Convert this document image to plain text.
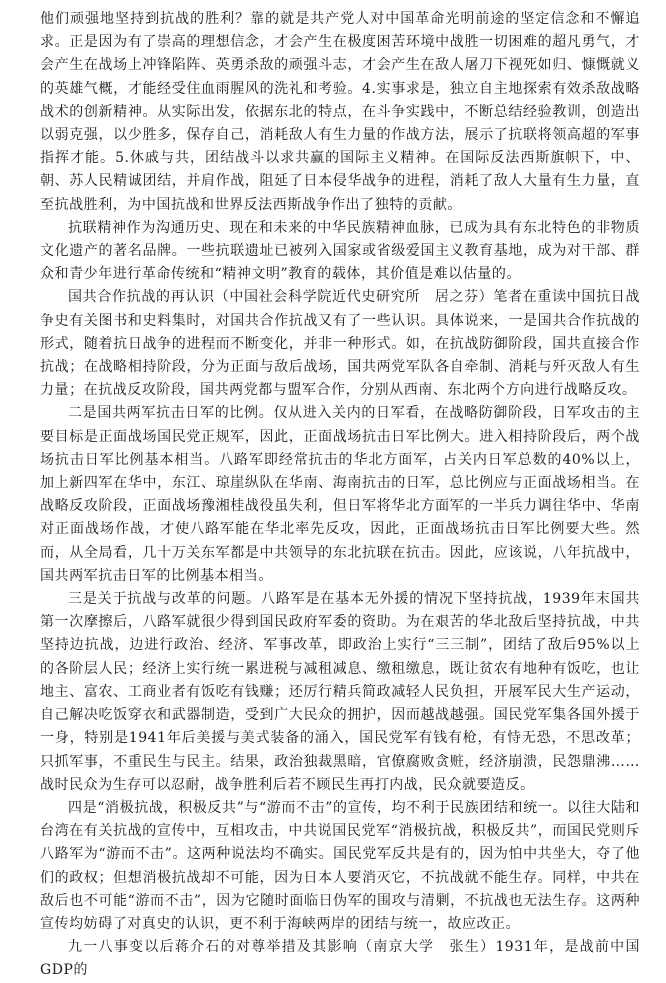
他们顽强地坚持到抗战的胜利？靠的就是共产党人对中国革命光明前途的坚定信念和不懈追求。正是因为有了崇高的理想信念，才会产生在极度困苦环境中战胜一切困难的超凡勇气，才会产生在战场上冲锋陷阵、英勇杀敌的顽强斗志，才会产生在敌人屠刀下视死如归、慷慨就义的英雄气概，才能经受住血雨腥风的洗礼和考验。4.实事求是，独立自主地探索有效杀敌战略战术的创新精神。从实际出发，依据东北的特点，在斗争实践中，不断总结经验教训，创造出以弱克强，以少胜多，保存自己，消耗敌人有生力量的作战方法，展示了抗联将领高超的军事指挥才能。5.休戚与共，团结战斗以求共赢的国际主义精神。在国际反法西斯旗帜下，中、朝、苏人民精诚团结，并肩作战，阻延了日本侵华战争的进程，消耗了敌人大量有生力量，直至抗战胜利，为中国抗战和世界反法西斯战争作出了独特的贡献。

抗联精神作为沟通历史、现在和未来的中华民族精神血脉，已成为具有东北特色的非物质文化遗产的著名品牌。一些抗联遗址已被列入国家或省级爱国主义教育基地，成为对干部、群众和青少年进行革命传统和“精神文明”教育的载体，其价值是难以估量的。

国共合作抗战的再认识（中国社会科学院近代史研究所　居之芬）笔者在重读中国抗日战争史有关图书和史料集时，对国共合作抗战又有了一些认识。具体说来，一是国共合作抗战的形式，随着抗日战争的进程而不断变化，并非一种形式。如，在抗战防御阶段，国共直接合作抗战；在战略相持阶段，分为正面与敌后战场，国共两党军队各自牵制、消耗与歼灭敌人有生力量；在抗战反攻阶段，国共两党都与盟军合作，分别从西南、东北两个方向进行战略反攻。

二是国共两军抗击日军的比例。仅从进入关内的日军看，在战略防御阶段，日军攻击的主要目标是正面战场国民党正规军，因此，正面战场抗击日军比例大。进入相持阶段后，两个战场抗击日军比例基本相当。八路军即经常抗击的华北方面军，占关内日军总数的40%以上，加上新四军在华中，东江、琼崖纵队在华南、海南抗击的日军，总比例应与正面战场相当。在战略反攻阶段，正面战场豫湘桂战役虽失利，但日军将华北方面军的一半兵力调往华中、华南对正面战场作战，才使八路军能在华北率先反攻，因此，正面战场抗击日军比例要大些。然而，从全局看，几十万关东军都是中共领导的东北抗联在抗击。因此，应该说，八年抗战中，国共两军抗击日军的比例基本相当。

三是关于抗战与改革的问题。八路军是在基本无外援的情况下坚持抗战，1939年末国共第一次摩擦后，八路军就很少得到国民政府军委的资助。为在艰苦的华北敌后坚持抗战，中共坚持边抗战，边进行政治、经济、军事改革，即政治上实行“三三制”，团结了敌后95%以上的各阶层人民；经济上实行统一累进税与减租减息、缴租缴息，既让贫农有地种有饭吃，也让地主、富农、工商业者有饭吃有钱赚；还厉行精兵简政减轻人民负担，开展军民大生产运动，自己解决吃饭穿衣和武器制造，受到广大民众的拥护，因而越战越强。国民党军集各国外援于一身，特别是1941年后美援与美式装备的涌入，国民党军有钱有枪，有恃无恐，不思改革；只抓军事，不重民生与民主。结果，政治独裁黑暗，官僚腐败贪赃，经济崩溃，民怨鼎沸……战时民众为生存可以忍耐，战争胜利后若不顾民生再打内战，民众就要造反。

四是“消极抗战，积极反共”与“游而不击”的宣传，均不利于民族团结和统一。以往大陆和台湾在有关抗战的宣传中，互相攻击，中共说国民党军“消极抗战，积极反共”，而国民党则斥八路军为“游而不击”。这两种说法均不确实。国民党军反共是有的，因为怕中共坐大，夺了他们的政权；但想消极抗战却不可能，因为日本人要消灭它，不抗战就不能生存。同样，中共在敌后也不可能“游而不击”，因为它随时面临日伪军的围攻与清剿，不抗战也无法生存。这两种宣传均妨碍了对真史的认识，更不利于海峡两岸的团结与统一，故应改正。

九一八事变以后蒋介石的对尊举措及其影响（南京大学　张生）1931年，是战前中国GDP的
